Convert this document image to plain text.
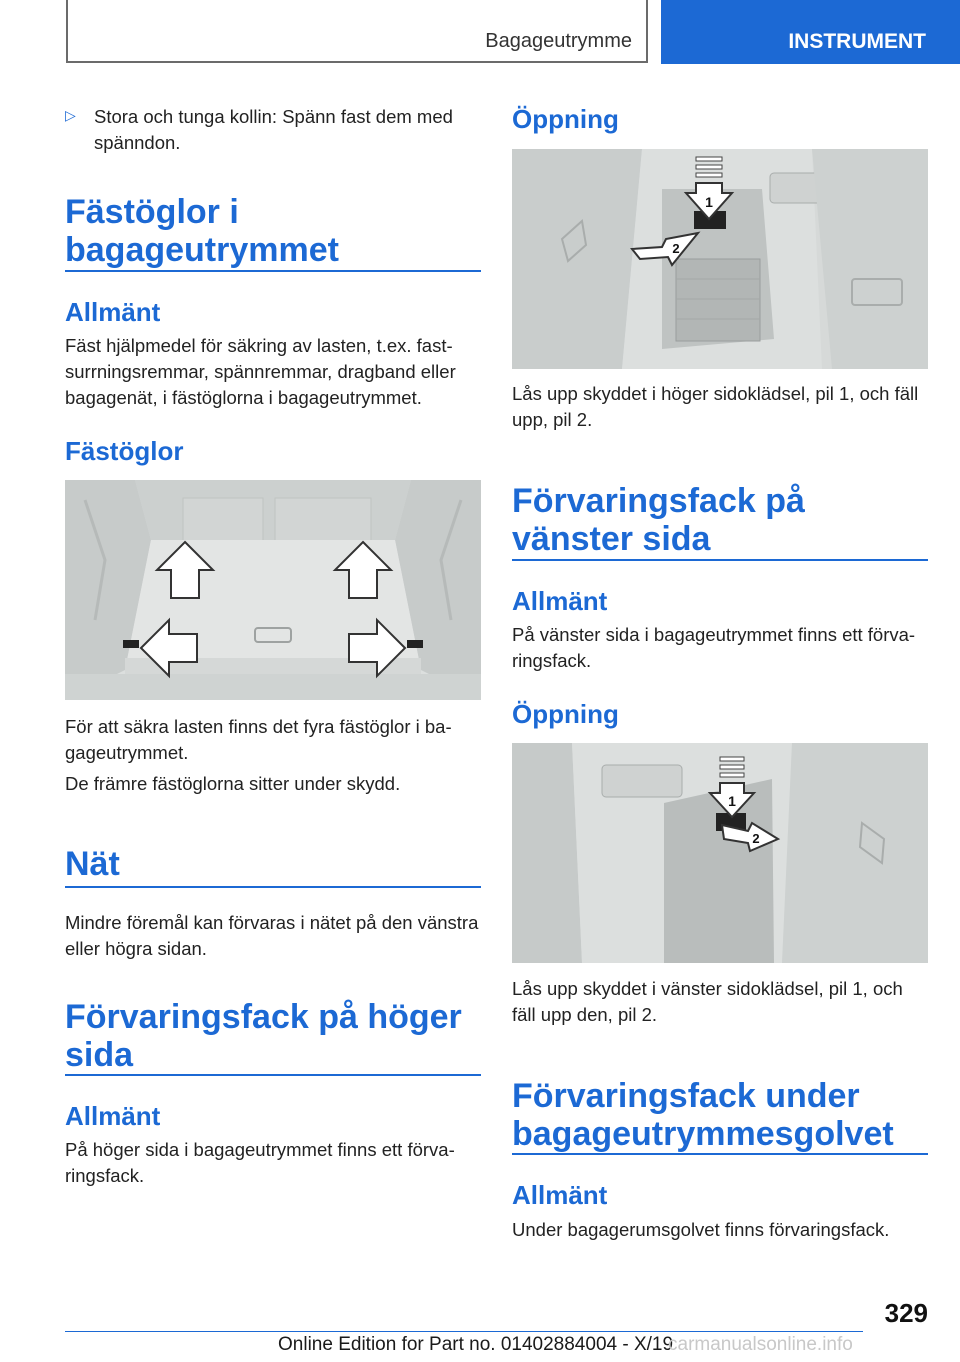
Bagageutrymme	INSTRUMENT
▷ Stora och tunga kollin: Spänn fast dem med spänndon.

Fästöglor i bagageutrymmet
Allmänt

Fäst hjälpmedel för säkring av lasten, t.ex. fast-surrningsremmar, spännremmar, dragband eller bagagenät, i fästöglorna i bagageutrymmet.

Fästöglor

För att säkra lasten finns det fyra fästöglor i ba-gageutrymmet.

De främre fästöglorna sitter under skydd.

Nät

Mindre föremål kan förvaras i nätet på den vänstra eller högra sidan.

Förvaringsfack på höger sida
Allmänt

På höger sida i bagageutrymmet finns ett förva-ringsfack.

Öppning
1
2

Lås upp skyddet i höger sidoklädsel, pil 1, och fäll upp, pil 2.

Förvaringsfack på vänster sida
Allmänt

På vänster sida i bagageutrymmet finns ett förva-ringsfack.

Öppning
1
2

Lås upp skyddet i vänster sidoklädsel, pil 1, och fäll upp den, pil 2.

Förvaringsfack under bagageutrymmesgolvet
Allmänt

Under bagagerumsgolvet finns förvaringsfack.

329
Online Edition for Part no. 01402884004 - X/19
carmanualsonline.info
